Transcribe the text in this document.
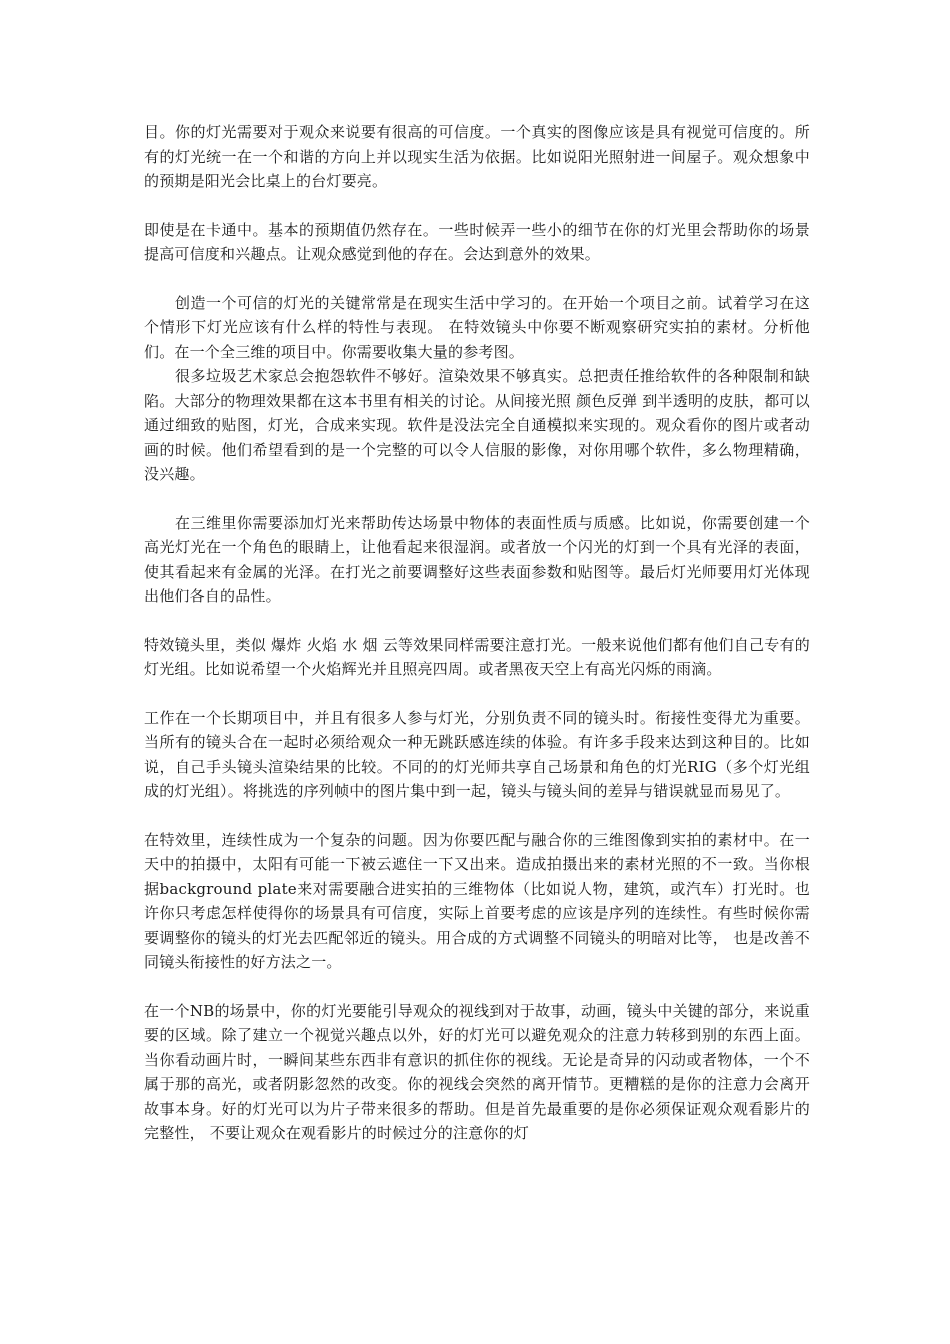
目。你的灯光需要对于观众来说要有很高的可信度。一个真实的图像应该是具有视觉可信度的。所有的灯光统一在一个和谐的方向上并以现实生活为依据。比如说阳光照射进一间屋子。观众想象中的预期是阳光会比桌上的台灯要亮。

即使是在卡通中。基本的预期值仍然存在。一些时候弄一些小的细节在你的灯光里会帮助你的场景提高可信度和兴趣点。让观众感觉到他的存在。会达到意外的效果。

创造一个可信的灯光的关键常常是在现实生活中学习的。在开始一个项目之前。试着学习在这个情形下灯光应该有什么样的特性与表现。 在特效镜头中你要不断观察研究实拍的素材。分析他们。在一个全三维的项目中。你需要收集大量的参考图。

很多垃圾艺术家总会抱怨软件不够好。渲染效果不够真实。总把责任推给软件的各种限制和缺陷。大部分的物理效果都在这本书里有相关的讨论。从间接光照 颜色反弹 到半透明的皮肤，都可以通过细致的贴图，灯光，合成来实现。软件是没法完全自通模拟来实现的。观众看你的图片或者动画的时候。他们希望看到的是一个完整的可以令人信服的影像，对你用哪个软件，多么物理精确，没兴趣。

在三维里你需要添加灯光来帮助传达场景中物体的表面性质与质感。比如说，你需要创建一个高光灯光在一个角色的眼睛上，让他看起来很湿润。或者放一个闪光的灯到一个具有光泽的表面，使其看起来有金属的光泽。在打光之前要调整好这些表面参数和贴图等。最后灯光师要用灯光体现出他们各自的品性。

特效镜头里，类似 爆炸 火焰 水 烟 云等效果同样需要注意打光。一般来说他们都有他们自己专有的灯光组。比如说希望一个火焰辉光并且照亮四周。或者黑夜天空上有高光闪烁的雨滴。

工作在一个长期项目中，并且有很多人参与灯光，分别负责不同的镜头时。衔接性变得尤为重要。当所有的镜头合在一起时必须给观众一种无跳跃感连续的体验。有许多手段来达到这种目的。比如说，自己手头镜头渲染结果的比较。不同的的灯光师共享自己场景和角色的灯光RIG（多个灯光组成的灯光组）。将挑选的序列帧中的图片集中到一起，镜头与镜头间的差异与错误就显而易见了。

在特效里，连续性成为一个复杂的问题。因为你要匹配与融合你的三维图像到实拍的素材中。在一天中的拍摄中，太阳有可能一下被云遮住一下又出来。造成拍摄出来的素材光照的不一致。当你根据background plate来对需要融合进实拍的三维物体（比如说人物，建筑，或汽车）打光时。也许你只考虑怎样使得你的场景具有可信度，实际上首要考虑的应该是序列的连续性。有些时候你需要调整你的镜头的灯光去匹配邻近的镜头。用合成的方式调整不同镜头的明暗对比等， 也是改善不同镜头衔接性的好方法之一。

在一个NB的场景中，你的灯光要能引导观众的视线到对于故事，动画，镜头中关键的部分，来说重要的区域。除了建立一个视觉兴趣点以外，好的灯光可以避免观众的注意力转移到别的东西上面。当你看动画片时，一瞬间某些东西非有意识的抓住你的视线。无论是奇异的闪动或者物体，一个不属于那的高光，或者阴影忽然的改变。你的视线会突然的离开情节。更糟糕的是你的注意力会离开故事本身。好的灯光可以为片子带来很多的帮助。但是首先最重要的是你必须保证观众观看影片的完整性， 不要让观众在观看影片的时候过分的注意你的灯
